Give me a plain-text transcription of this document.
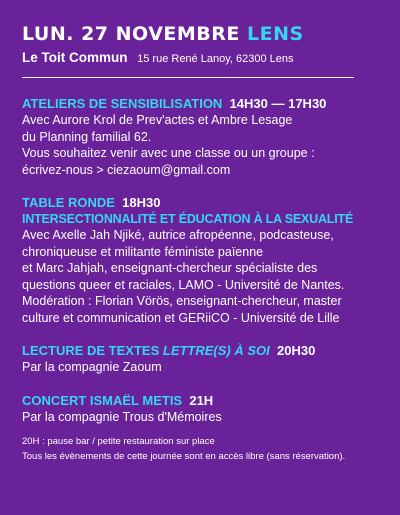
LUN. 27 NOVEMBRE LENS
Le Toit Commun 15 rue René Lanoy, 62300 Lens
ATELIERS DE SENSIBILISATION 14H30 — 17H30
Avec Aurore Krol de Prev'actes et Ambre Lesage
du Planning familial 62.
Vous souhaitez venir avec une classe ou un groupe :
écrivez-nous > ciezaoum@gmail.com
TABLE RONDE 18H30
INTERSECTIONNALITÉ ET ÉDUCATION À LA SEXUALITÉ
Avec Axelle Jah Njiké, autrice afropéenne, podcasteuse,
chroniqueuse et militante féministe païenne
et Marc Jahjah, enseignant-chercheur spécialiste des
questions queer et raciales, LAMO - Université de Nantes.
Modération : Florian Vörös, enseignant-chercheur, master
culture et communication et GERiiCO - Université de Lille
LECTURE DE TEXTES LETTRE(S) À SOI 20H30
Par la compagnie Zaoum
CONCERT ISMAËL METIS 21H
Par la compagnie Trous d'Mémoires
20H : pause bar / petite restauration sur place
Tous les évènements de cette journée sont en accès libre (sans réservation).
